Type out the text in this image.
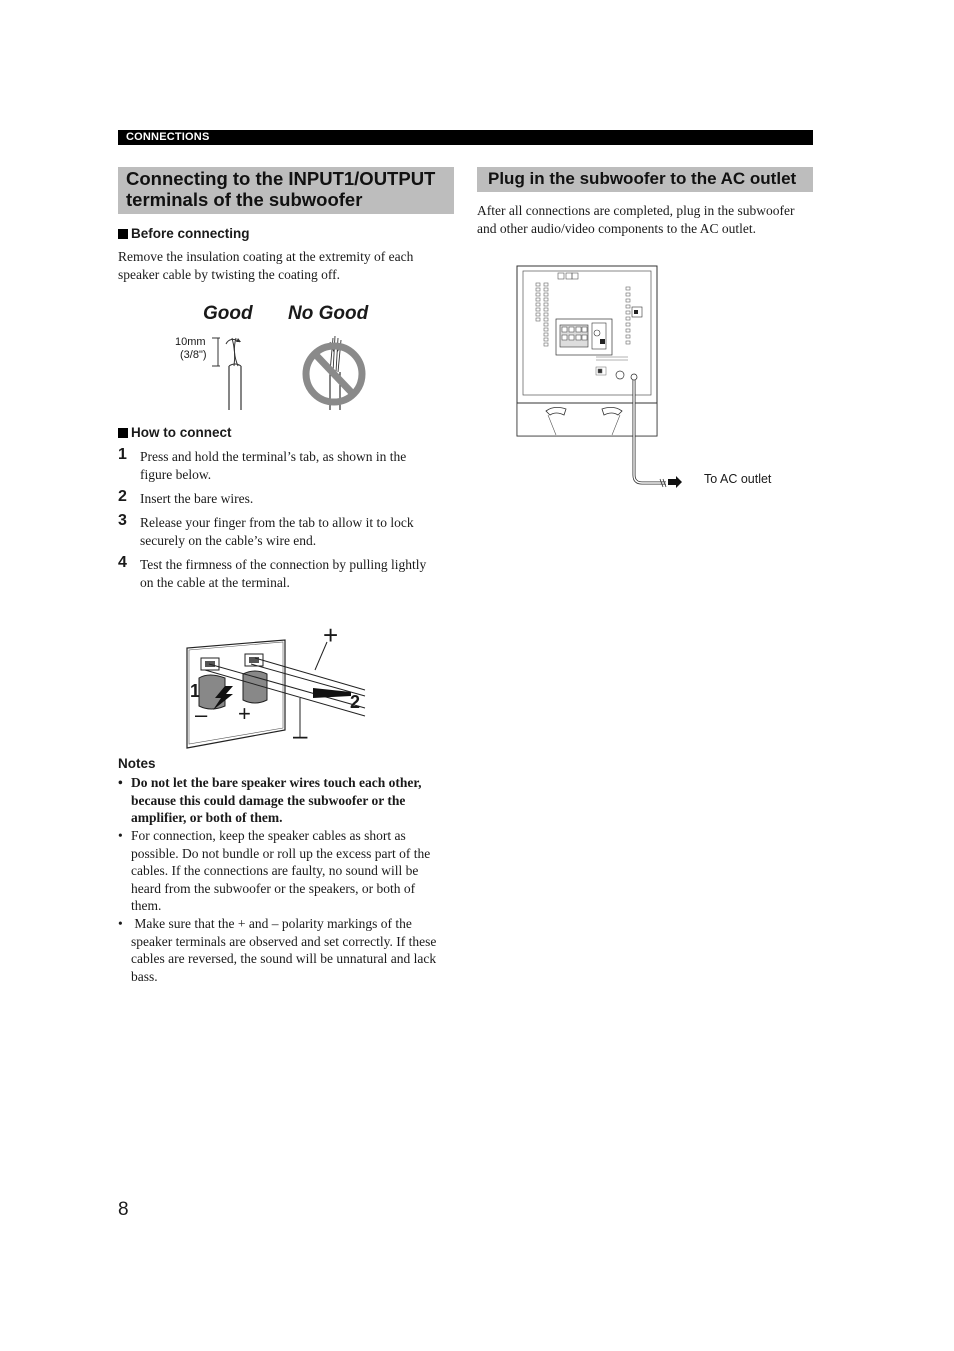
CONNECTIONS
Connecting to the INPUT1/OUTPUT
terminals of the subwoofer
Before connecting
Remove the insulation coating at the extremity of each
speaker cable by twisting the coating off.
Good No Good
10mm
(3/8")
How to connect
1 Press and hold the terminal’s tab, as shown in the
figure below.
2 Insert the bare wires.
3 Release your finger from the tab to allow it to lock
securely on the cable’s wire end.
4 Test the firmness of the connection by pulling lightly
on the cable at the terminal.
+
–
1
2
– +
Notes
• Do not let the bare speaker wires touch each other,
because this could damage the subwoofer or the
amplifier, or both of them.
• For connection, keep the speaker cables as short as
possible. Do not bundle or roll up the excess part of the
cables. If the connections are faulty, no sound will be
heard from the subwoofer or the speakers, or both of
them.
• Make sure that the + and – polarity markings of the
speaker terminals are observed and set correctly. If these
cables are reversed, the sound will be unnatural and lack
bass.
Plug in the subwoofer to the AC outlet
After all connections are completed, plug in the subwoofer
and other audio/video components to the AC outlet.
To AC outlet
8
